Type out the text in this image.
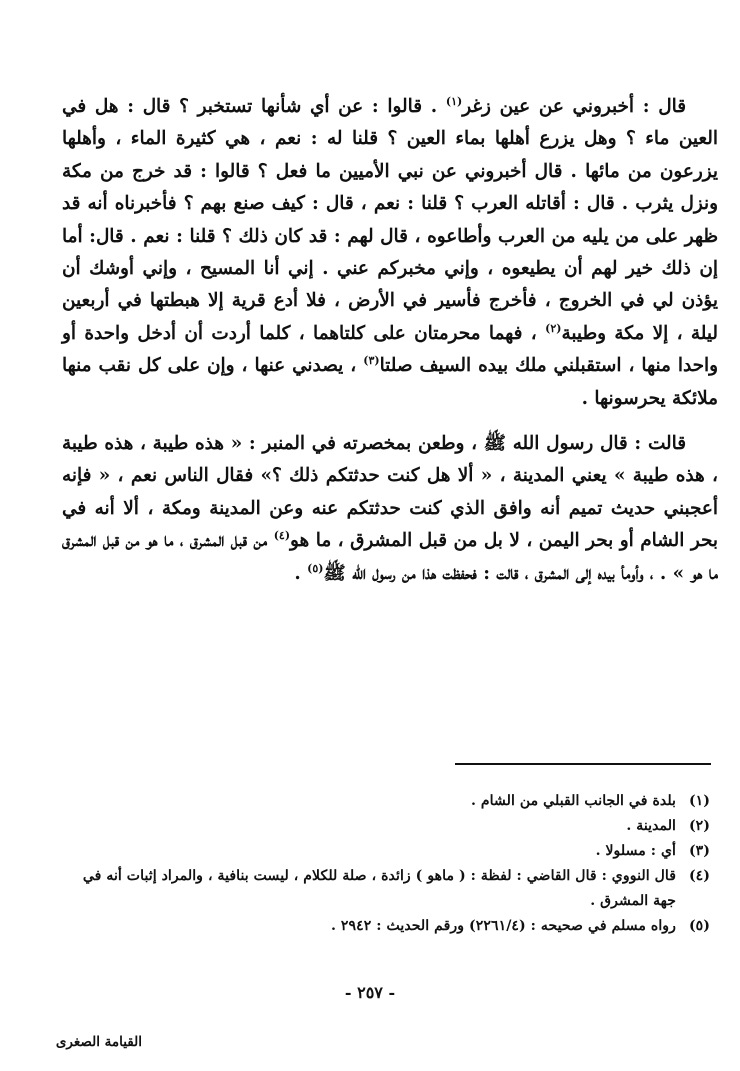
قال : أخبروني عن عين زغر$^{(١)}$ . قالوا : عن أي شأنها تستخبر ؟ قال : هل في العين ماء ؟ وهل يزرع أهلها بماء العين ؟ قلنا له : نعم ، هي كثيرة الماء ، وأهلها يزرعون من مائها . قال أخبروني عن نبي الأميين ما فعل ؟ قالوا : قد خرج من مكة ونزل يثرب . قال : أقاتله العرب ؟ قلنا : نعم ، قال : كيف صنع بهم ؟ فأخبرناه أنه قد ظهر على من يليه من العرب وأطاعوه ، قال لهم : قد كان ذلك ؟ قلنا : نعم . قال: أما إن ذلك خير لهم أن يطيعوه ، وإني مخبركم عني . إني أنا المسيح ، وإني أوشك أن يؤذن لي في الخروج ، فأخرج فأسير في الأرض ، فلا أدع قرية إلا هبطتها في أربعين ليلة ، إلا مكة وطيبة$^{(٢)}$ ، فهما محرمتان على كلتاهما ، كلما أردت أن أدخل واحدة أو واحدا منها ، استقبلني ملك بيده السيف صلتا$^{(٣)}$ ، يصدني عنها ، وإن على كل نقب منها ملائكة يحرسونها .

قالت : قال رسول الله ﷺ ، وطعن بمخصرته في المنبر : « هذه طيبة ، هذه طيبة ، هذه طيبة » يعني المدينة ، « ألا هل كنت حدثتكم ذلك ؟» فقال الناس نعم ، « فإنه أعجبني حديث تميم أنه وافق الذي كنت حدثتكم عنه وعن المدينة ومكة ، ألا أنه في بحر الشام أو بحر اليمن ، لا بل من قبل المشرق ، ما هو$^{(٤)}$ من قبل المشرق ، ما هو من قبل المشرق ما هو » . ، وأومأ بيده إلى المشرق ، قالت : فحفظت هذا من رسول الله ﷺ$^{(٥)}$ .

(١)بلدة في الجانب القبلي من الشام .

(٢)المدينة .

(٣)أي : مسلولا .

(٤)قال النووي : قال القاضي : لفظة : ( ماهو ) زائدة ، صلة للكلام ، ليست بنافية ، والمراد إثبات أنه في جهة المشرق .

(٥)رواه مسلم في صحيحه : (٢٢٦١/٤) ورقم الحديث : ٢٩٤٢ .

- ٢٥٧ -
القيامة الصغرى
